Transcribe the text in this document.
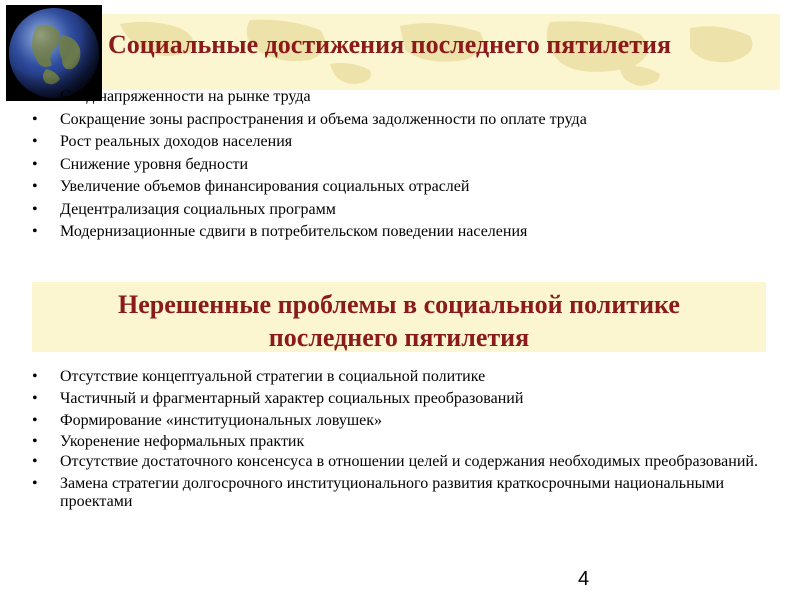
Социальные достижения последнего пятилетия
•	Спад напряженности на рынке труда
•	Сокращение зоны распространения и объема задолженности по оплате труда
•	Рост реальных доходов населения
•	Снижение уровня бедности
•	Увеличение объемов финансирования социальных отраслей
•	Децентрализация социальных программ
•	Модернизационные сдвиги в потребительском поведении населения
Нерешенные проблемы в социальной политике
последнего пятилетия
•	Отсутствие концептуальной стратегии в социальной политике
•	Частичный и фрагментарный характер социальных преобразований
•	Формирование «институциональных ловушек»
•	Укоренение неформальных практик
•	Отсутствие достаточного консенсуса в отношении целей и содержания необходимых преобразований.
•	Замена стратегии долгосрочного институционального развития краткосрочными национальными проектами
4
